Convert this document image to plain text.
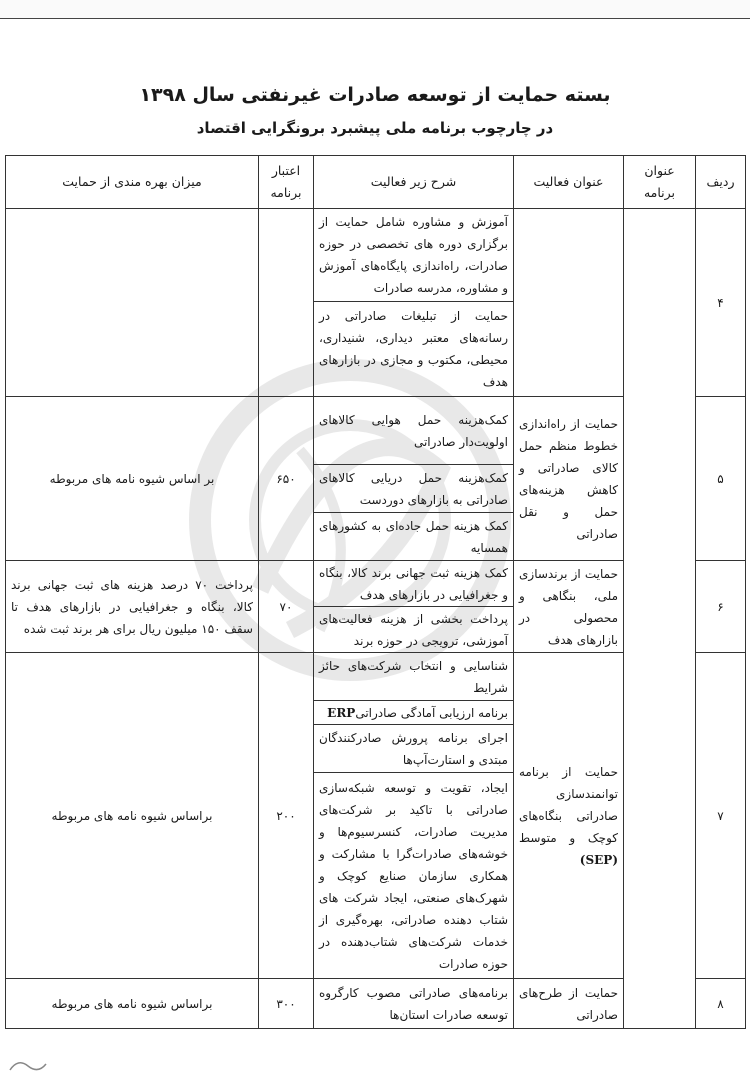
بسته حمایت از توسعه صادرات غیرنفتی سال ۱۳۹۸
در چارچوب برنامه ملی پیشبرد برونگرایی اقتصاد
ردیف	عنوان برنامه	عنوان فعالیت	شرح زیر فعالیت	اعتبار برنامه	میزان بهره مندی از حمایت
۴			آموزش و مشاوره شامل حمایت از برگزاری دوره های تخصصی در حوزه صادرات، راه‌اندازی پایگاه‌های آموزش و مشاوره، مدرسه صادرات		
			حمایت از تبلیغات صادراتی در رسانه‌های معتبر دیداری، شنیداری، محیطی، مکتوب و مجازی در بازارهای هدف		
۵		حمایت از راه‌اندازی خطوط منظم حمل کالای صادراتی و کاهش هزینه‌های حمل و نقل صادراتی	کمک‌هزینه حمل هوایی کالاهای اولویت‌دار صادراتی	۶۵۰	بر اساس شیوه نامه های مربوطه
			کمک‌هزینه حمل دریایی کالاهای صادراتی به بازارهای دوردست		
			کمک هزینه حمل جاده‌ای به کشورهای همسایه		
۶		حمایت از برندسازی ملی، بنگاهی و محصولی در بازارهای هدف	کمک هزینه ثبت جهانی برند کالا، بنگاه و جغرافیایی در بازارهای هدف	۷۰	پرداخت ۷۰ درصد هزینه های ثبت جهانی برند کالا، بنگاه و جغرافیایی در بازارهای هدف تا سقف ۱۵۰ میلیون ریال برای هر برند ثبت شده
			پرداخت بخشی از هزینه فعالیت‌های آموزشی، ترویجی در حوزه برند		
۷		حمایت از برنامه توانمندسازی صادراتی بنگاه‌های کوچک و متوسط (SEP)	شناسایی و انتخاب شرکت‌های حائز شرایط	۲۰۰	براساس شیوه نامه های مربوطه
			برنامه ارزیابی آمادگی صادراتیERP		
			اجرای برنامه پرورش صادرکنندگان مبتدی و استارت‌آپ‌ها		
			ایجاد، تقویت و توسعه شبکه‌سازی صادراتی با تاکید بر شرکت‌های مدیریت صادرات، کنسرسیوم‌ها و خوشه‌های صادرات‌گرا با مشارکت و همکاری سازمان صنایع کوچک و شهرک‌های صنعتی، ایجاد شرکت های شتاب دهنده صادراتی، بهره‌گیری از خدمات شرکت‌های شتاب‌دهنده در حوزه صادرات		
۸		حمایت از طرح‌های صادراتی	برنامه‌های صادراتی مصوب کارگروه توسعه صادرات استان‌ها	۳۰۰	براساس شیوه نامه های مربوطه
